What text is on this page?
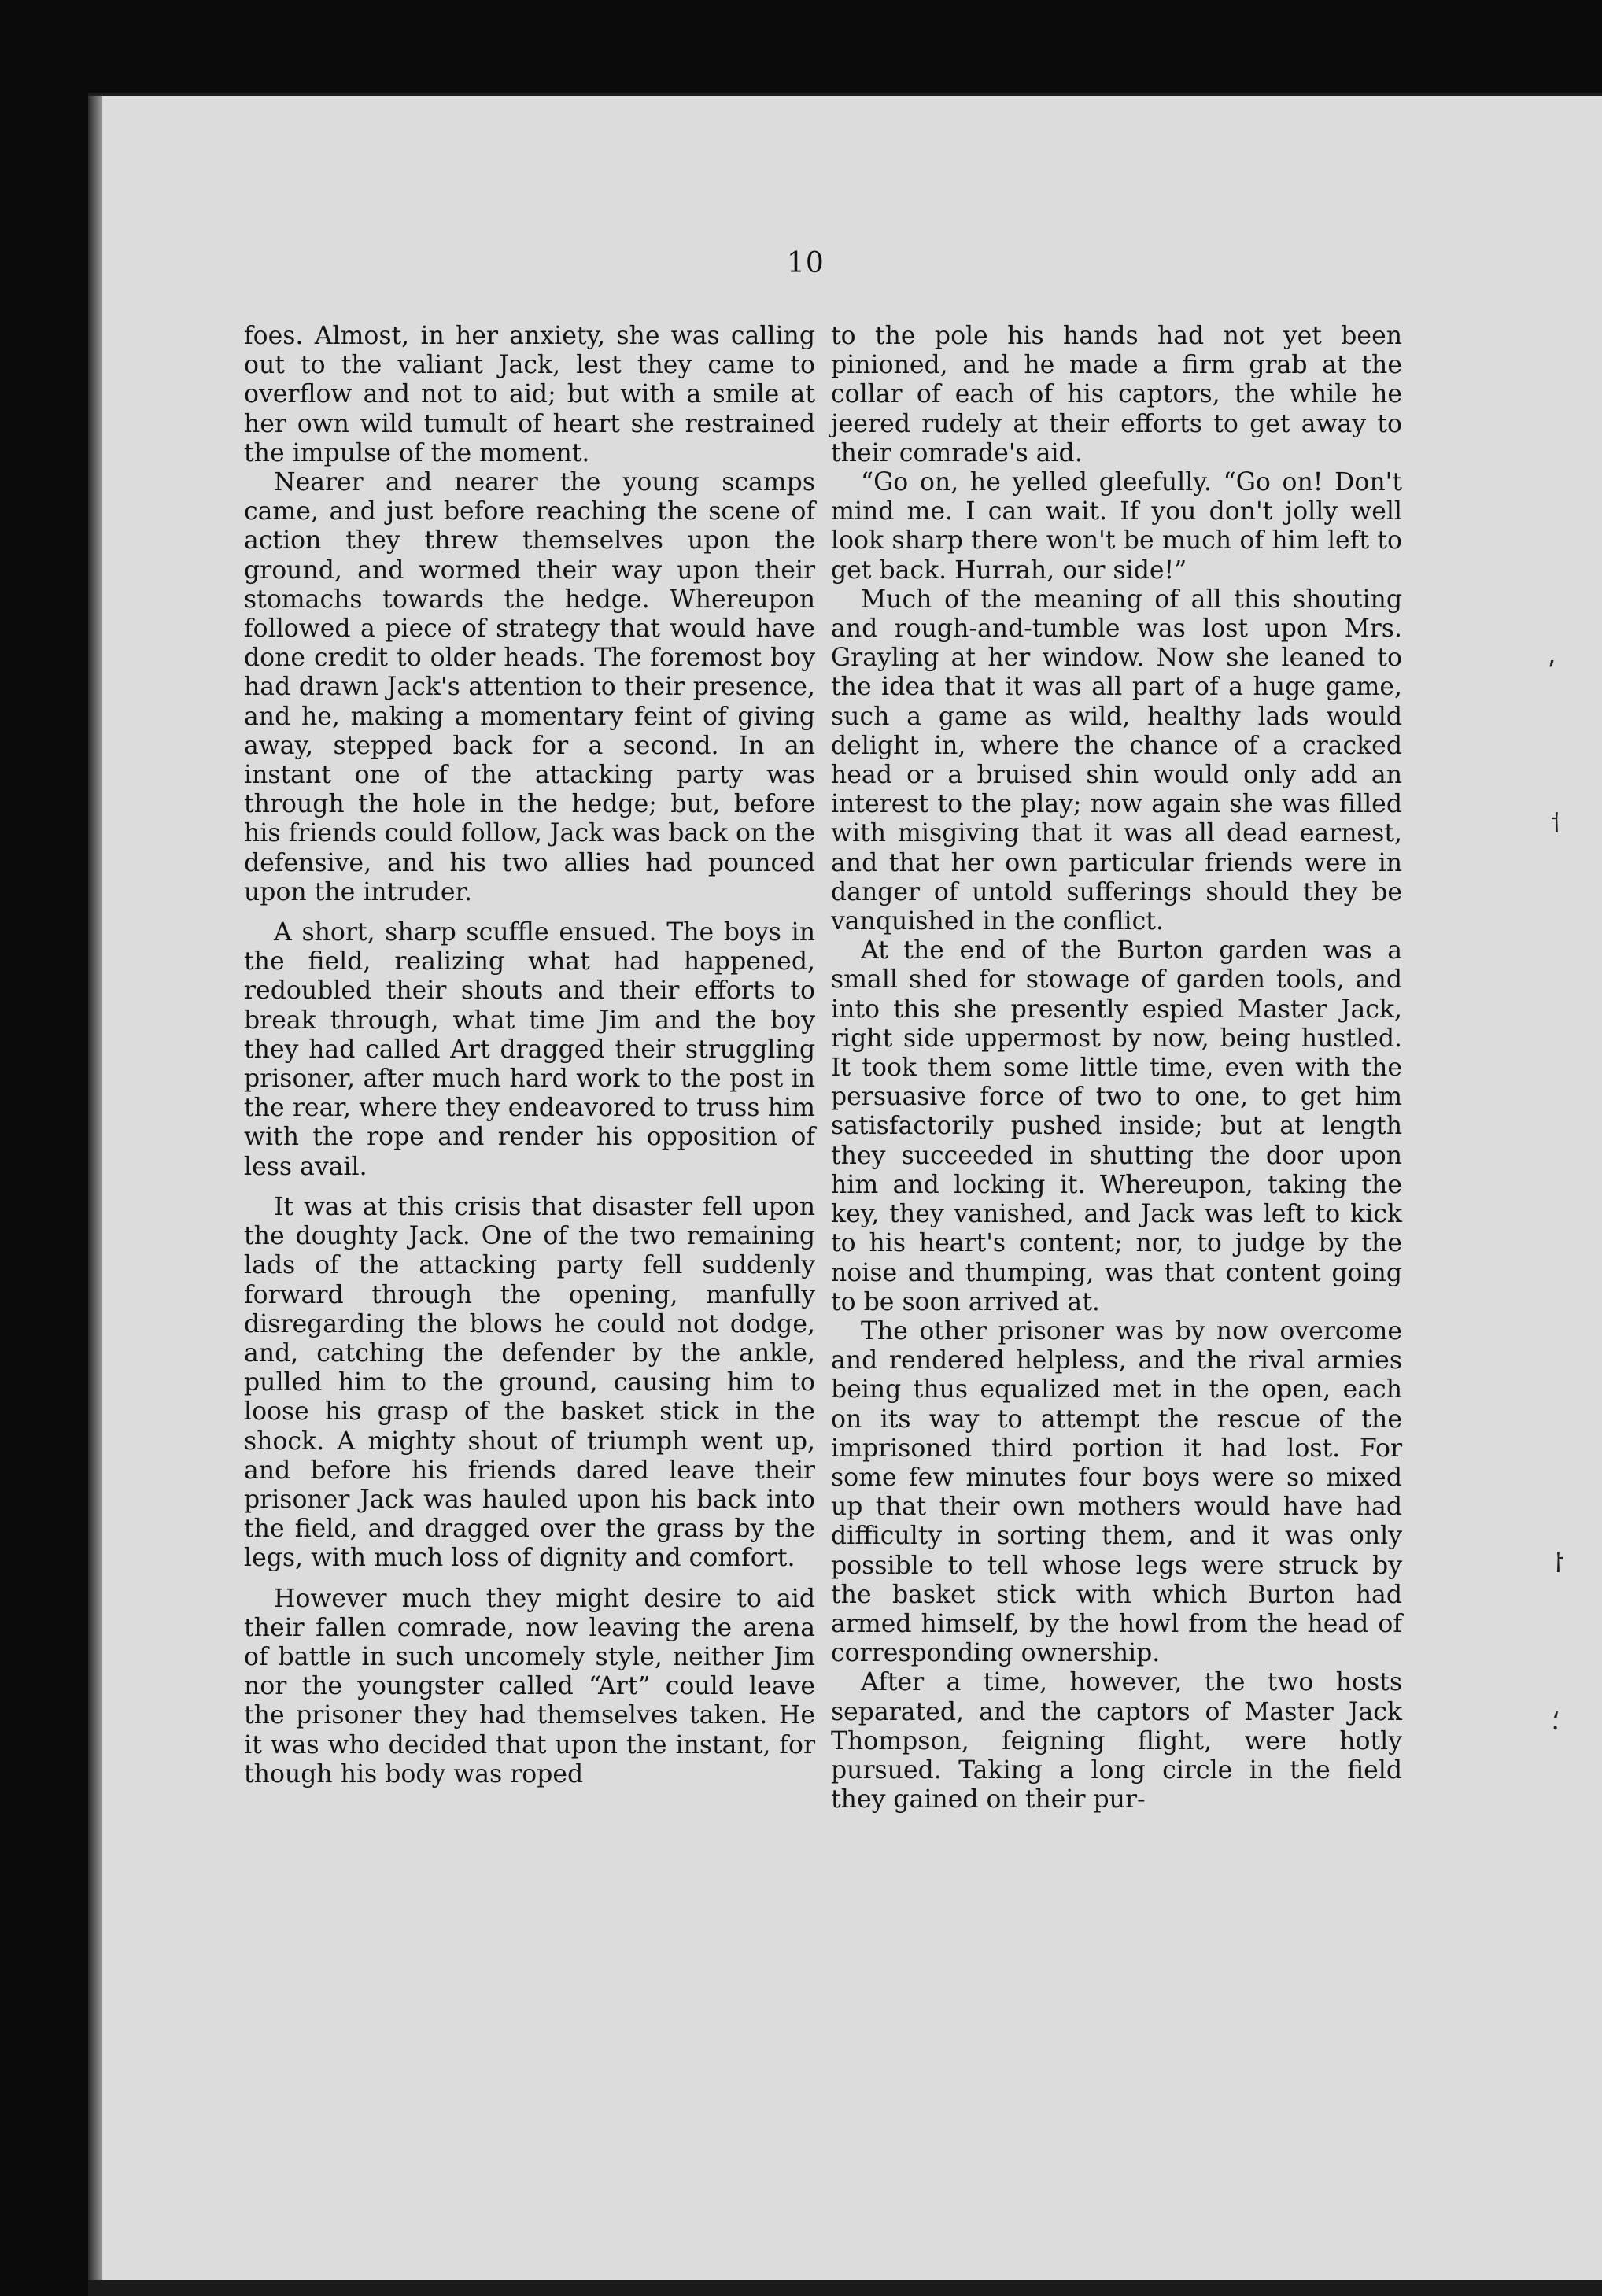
10

foes. Almost, in her anxiety, she was calling out to the valiant Jack, lest they came to overflow and not to aid; but with a smile at her own wild tumult of heart she restrained the impulse of the moment.

Nearer and nearer the young scamps came, and just before reaching the scene of action they threw themselves upon the ground, and wormed their way upon their stomachs towards the hedge. Whereupon followed a piece of strategy that would have done credit to older heads. The foremost boy had drawn Jack's attention to their presence, and he, making a momentary feint of giving away, stepped back for a second. In an instant one of the attacking party was through the hole in the hedge; but, before his friends could follow, Jack was back on the defensive, and his two allies had pounced upon the intruder.

A short, sharp scuffle ensued. The boys in the field, realizing what had happened, redoubled their shouts and their efforts to break through, what time Jim and the boy they had called Art dragged their struggling prisoner, after much hard work to the post in the rear, where they endeavored to truss him with the rope and render his opposition of less avail.

It was at this crisis that disaster fell upon the doughty Jack. One of the two remaining lads of the attacking party fell suddenly forward through the opening, manfully disregarding the blows he could not dodge, and, catching the defender by the ankle, pulled him to the ground, causing him to loose his grasp of the basket stick in the shock. A mighty shout of triumph went up, and before his friends dared leave their prisoner Jack was hauled upon his back into the field, and dragged over the grass by the legs, with much loss of dignity and comfort.

However much they might desire to aid their fallen comrade, now leaving the arena of battle in such uncomely style, neither Jim nor the youngster called “Art” could leave the prisoner they had themselves taken. He it was who decided that upon the instant, for though his body was roped

to the pole his hands had not yet been pinioned, and he made a firm grab at the collar of each of his captors, the while he jeered rudely at their efforts to get away to their comrade's aid.

“Go on, he yelled gleefully. “Go on! Don't mind me. I can wait. If you don't jolly well look sharp there won't be much of him left to get back. Hurrah, our side!”

Much of the meaning of all this shouting and rough-and-tumble was lost upon Mrs. Grayling at her window. Now she leaned to the idea that it was all part of a huge game, such a game as wild, healthy lads would delight in, where the chance of a cracked head or a bruised shin would only add an interest to the play; now again she was filled with misgiving that it was all dead earnest, and that her own particular friends were in danger of untold sufferings should they be vanquished in the conflict.

At the end of the Burton garden was a small shed for stowage of garden tools, and into this she presently espied Master Jack, right side uppermost by now, being hustled. It took them some little time, even with the persuasive force of two to one, to get him satisfactorily pushed inside; but at length they succeeded in shutting the door upon him and locking it. Whereupon, taking the key, they vanished, and Jack was left to kick to his heart's content; nor, to judge by the noise and thumping, was that content going to be soon arrived at.

The other prisoner was by now overcome and rendered helpless, and the rival armies being thus equalized met in the open, each on its way to attempt the rescue of the imprisoned third portion it had lost. For some few minutes four boys were so mixed up that their own mothers would have had difficulty in sorting them, and it was only possible to tell whose legs were struck by the basket stick with which Burton had armed himself, by the howl from the head of corresponding ownership.

After a time, however, the two hosts separated, and the captors of Master Jack Thompson, feigning flight, were hotly pursued. Taking a long circle in the field they gained on their pur-

⸴
⸶
⸷
⸵
